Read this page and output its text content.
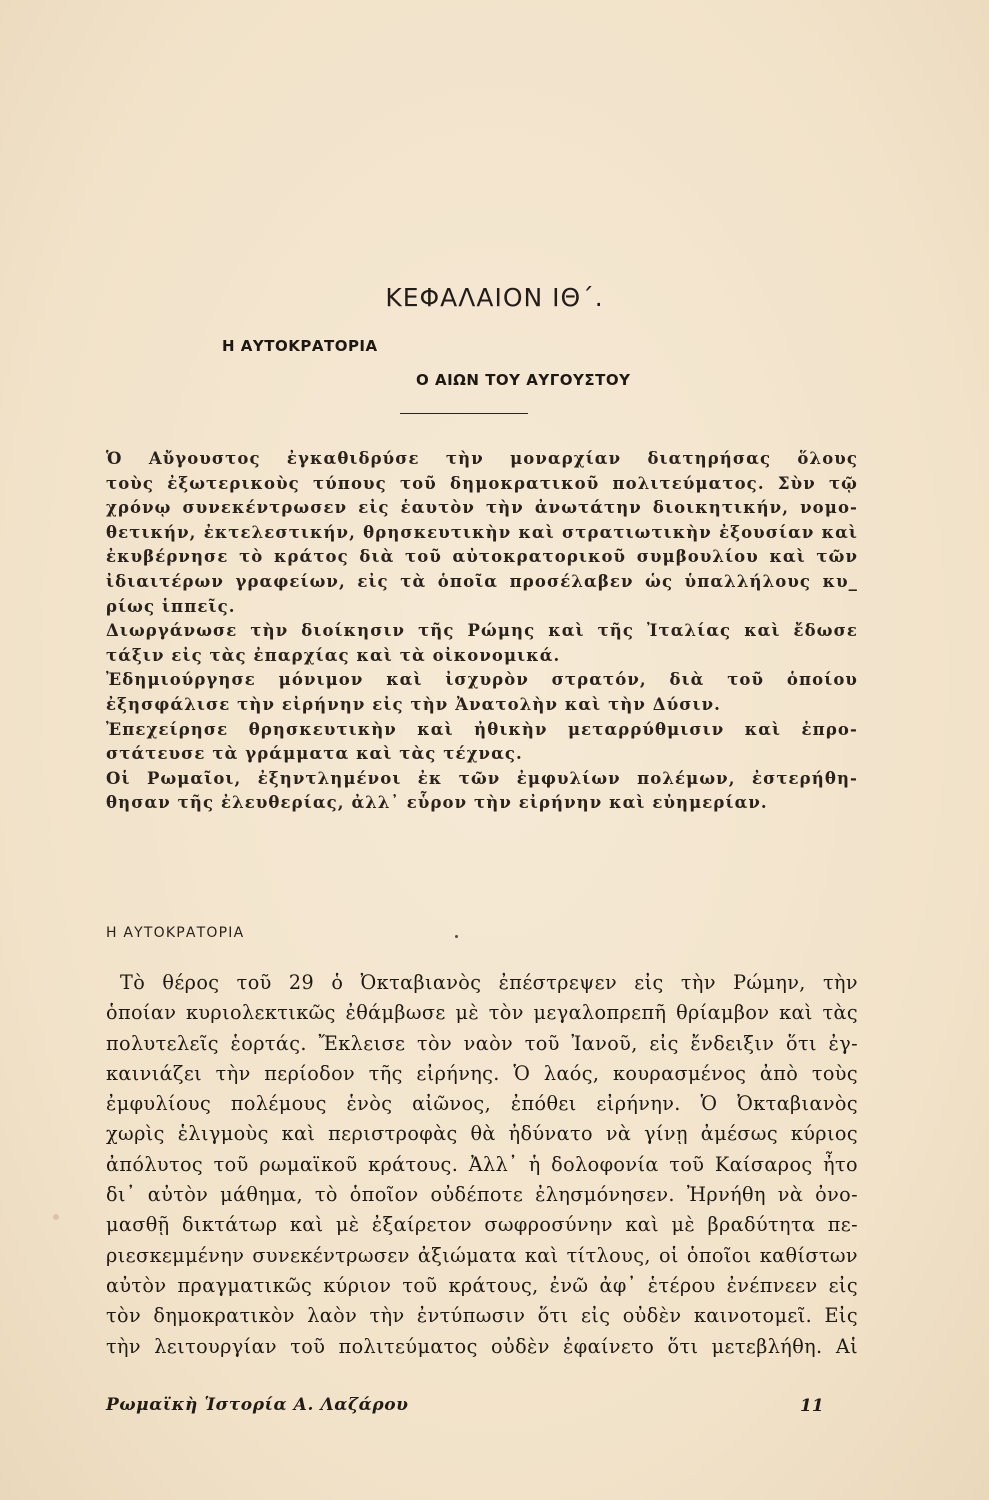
ΚΕΦΑΛΑΙΟΝ ΙΘ΄.
Η ΑΥΤΟΚΡΑΤΟΡΙΑ
Ο ΑΙΩΝ ΤΟΥ ΑΥΓΟΥΣΤΟΥ
Ὁ Αὔγουστος ἐγκαθιδρύσε τὴν μοναρχίαν διατηρήσας ὅλους
τοὺς ἐξωτερικοὺς τύπους τοῦ δημοκρατικοῦ πολιτεύματος. Σὺν τῷ
χρόνῳ συνεκέντρωσεν εἰς ἑαυτὸν τὴν ἀνωτάτην διοικητικήν, νομο-
θετικήν, ἐκτελεστικήν, θρησκευτικὴν καὶ στρατιωτικὴν ἐξουσίαν καὶ
ἐκυβέρνησε τὸ κράτος διὰ τοῦ αὐτοκρατορικοῦ συμβουλίου καὶ τῶν
ἰδιαιτέρων γραφείων, εἰς τὰ ὁποῖα προσέλαβεν ὡς ὑπαλλήλους κυ_
ρίως ἱππεῖς.
Διωργάνωσε τὴν διοίκησιν τῆς Ρώμης καὶ τῆς Ἰταλίας καὶ ἔδωσε
τάξιν εἰς τὰς ἐπαρχίας καὶ τὰ οἰκονομικά.
Ἐδημιούργησε μόνιμον καὶ ἰσχυρὸν στρατόν, διὰ τοῦ ὁποίου
ἐξησφάλισε τὴν εἰρήνην εἰς τὴν Ἀνατολὴν καὶ τὴν Δύσιν.
Ἐπεχείρησε θρησκευτικὴν καὶ ἠθικὴν μεταρρύθμισιν καὶ ἐπρο-
στάτευσε τὰ γράμματα καὶ τὰς τέχνας.
Οἱ Ρωμαῖοι, ἐξηντλημένοι ἐκ τῶν ἐμφυλίων πολέμων, ἐστερήθη-
θησαν τῆς ἐλευθερίας, ἀλλ᾽ εὗρον τὴν εἰρήνην καὶ εὐημερίαν.
Η ΑΥΤΟΚΡΑΤΟΡΙΑ
Τὸ θέρος τοῦ 29 ὁ Ὀκταβιανὸς ἐπέστρεψεν εἰς τὴν Ρώμην, τὴν
ὁποίαν κυριολεκτικῶς ἐθάμβωσε μὲ τὸν μεγαλοπρεπῆ θρίαμβον καὶ τὰς
πολυτελεῖς ἑορτάς. Ἔκλεισε τὸν ναὸν τοῦ Ἰανοῦ, εἰς ἔνδειξιν ὅτι ἐγ-
καινιάζει τὴν περίοδον τῆς εἰρήνης. Ὁ λαός, κουρασμένος ἀπὸ τοὺς
ἐμφυλίους πολέμους ἑνὸς αἰῶνος, ἐπόθει εἰρήνην. Ὁ Ὀκταβιανὸς
χωρὶς ἑλιγμοὺς καὶ περιστροφὰς θὰ ἠδύνατο νὰ γίνῃ ἀμέσως κύριος
ἀπόλυτος τοῦ ρωμαϊκοῦ κράτους. Ἀλλ᾽ ἡ δολοφονία τοῦ Καίσαρος ἦτο
δι᾽ αὐτὸν μάθημα, τὸ ὁποῖον οὐδέποτε ἐλησμόνησεν. Ἠρνήθη νὰ ὀνο-
μασθῇ δικτάτωρ καὶ μὲ ἐξαίρετον σωφροσύνην καὶ μὲ βραδύτητα πε-
ριεσκεμμένην συνεκέντρωσεν ἀξιώματα καὶ τίτλους, οἱ ὁποῖοι καθίστων
αὐτὸν πραγματικῶς κύριον τοῦ κράτους, ἐνῶ ἀφ᾽ ἑτέρου ἐνέπνεεν εἰς
τὸν δημοκρατικὸν λαὸν τὴν ἐντύπωσιν ὅτι εἰς οὐδὲν καινοτομεῖ. Εἰς
τὴν λειτουργίαν τοῦ πολιτεύματος οὐδὲν ἐφαίνετο ὅτι μετεβλήθη. Αἱ
Ρωμαϊκὴ Ἱστορία Α. Λαζάρου	11
